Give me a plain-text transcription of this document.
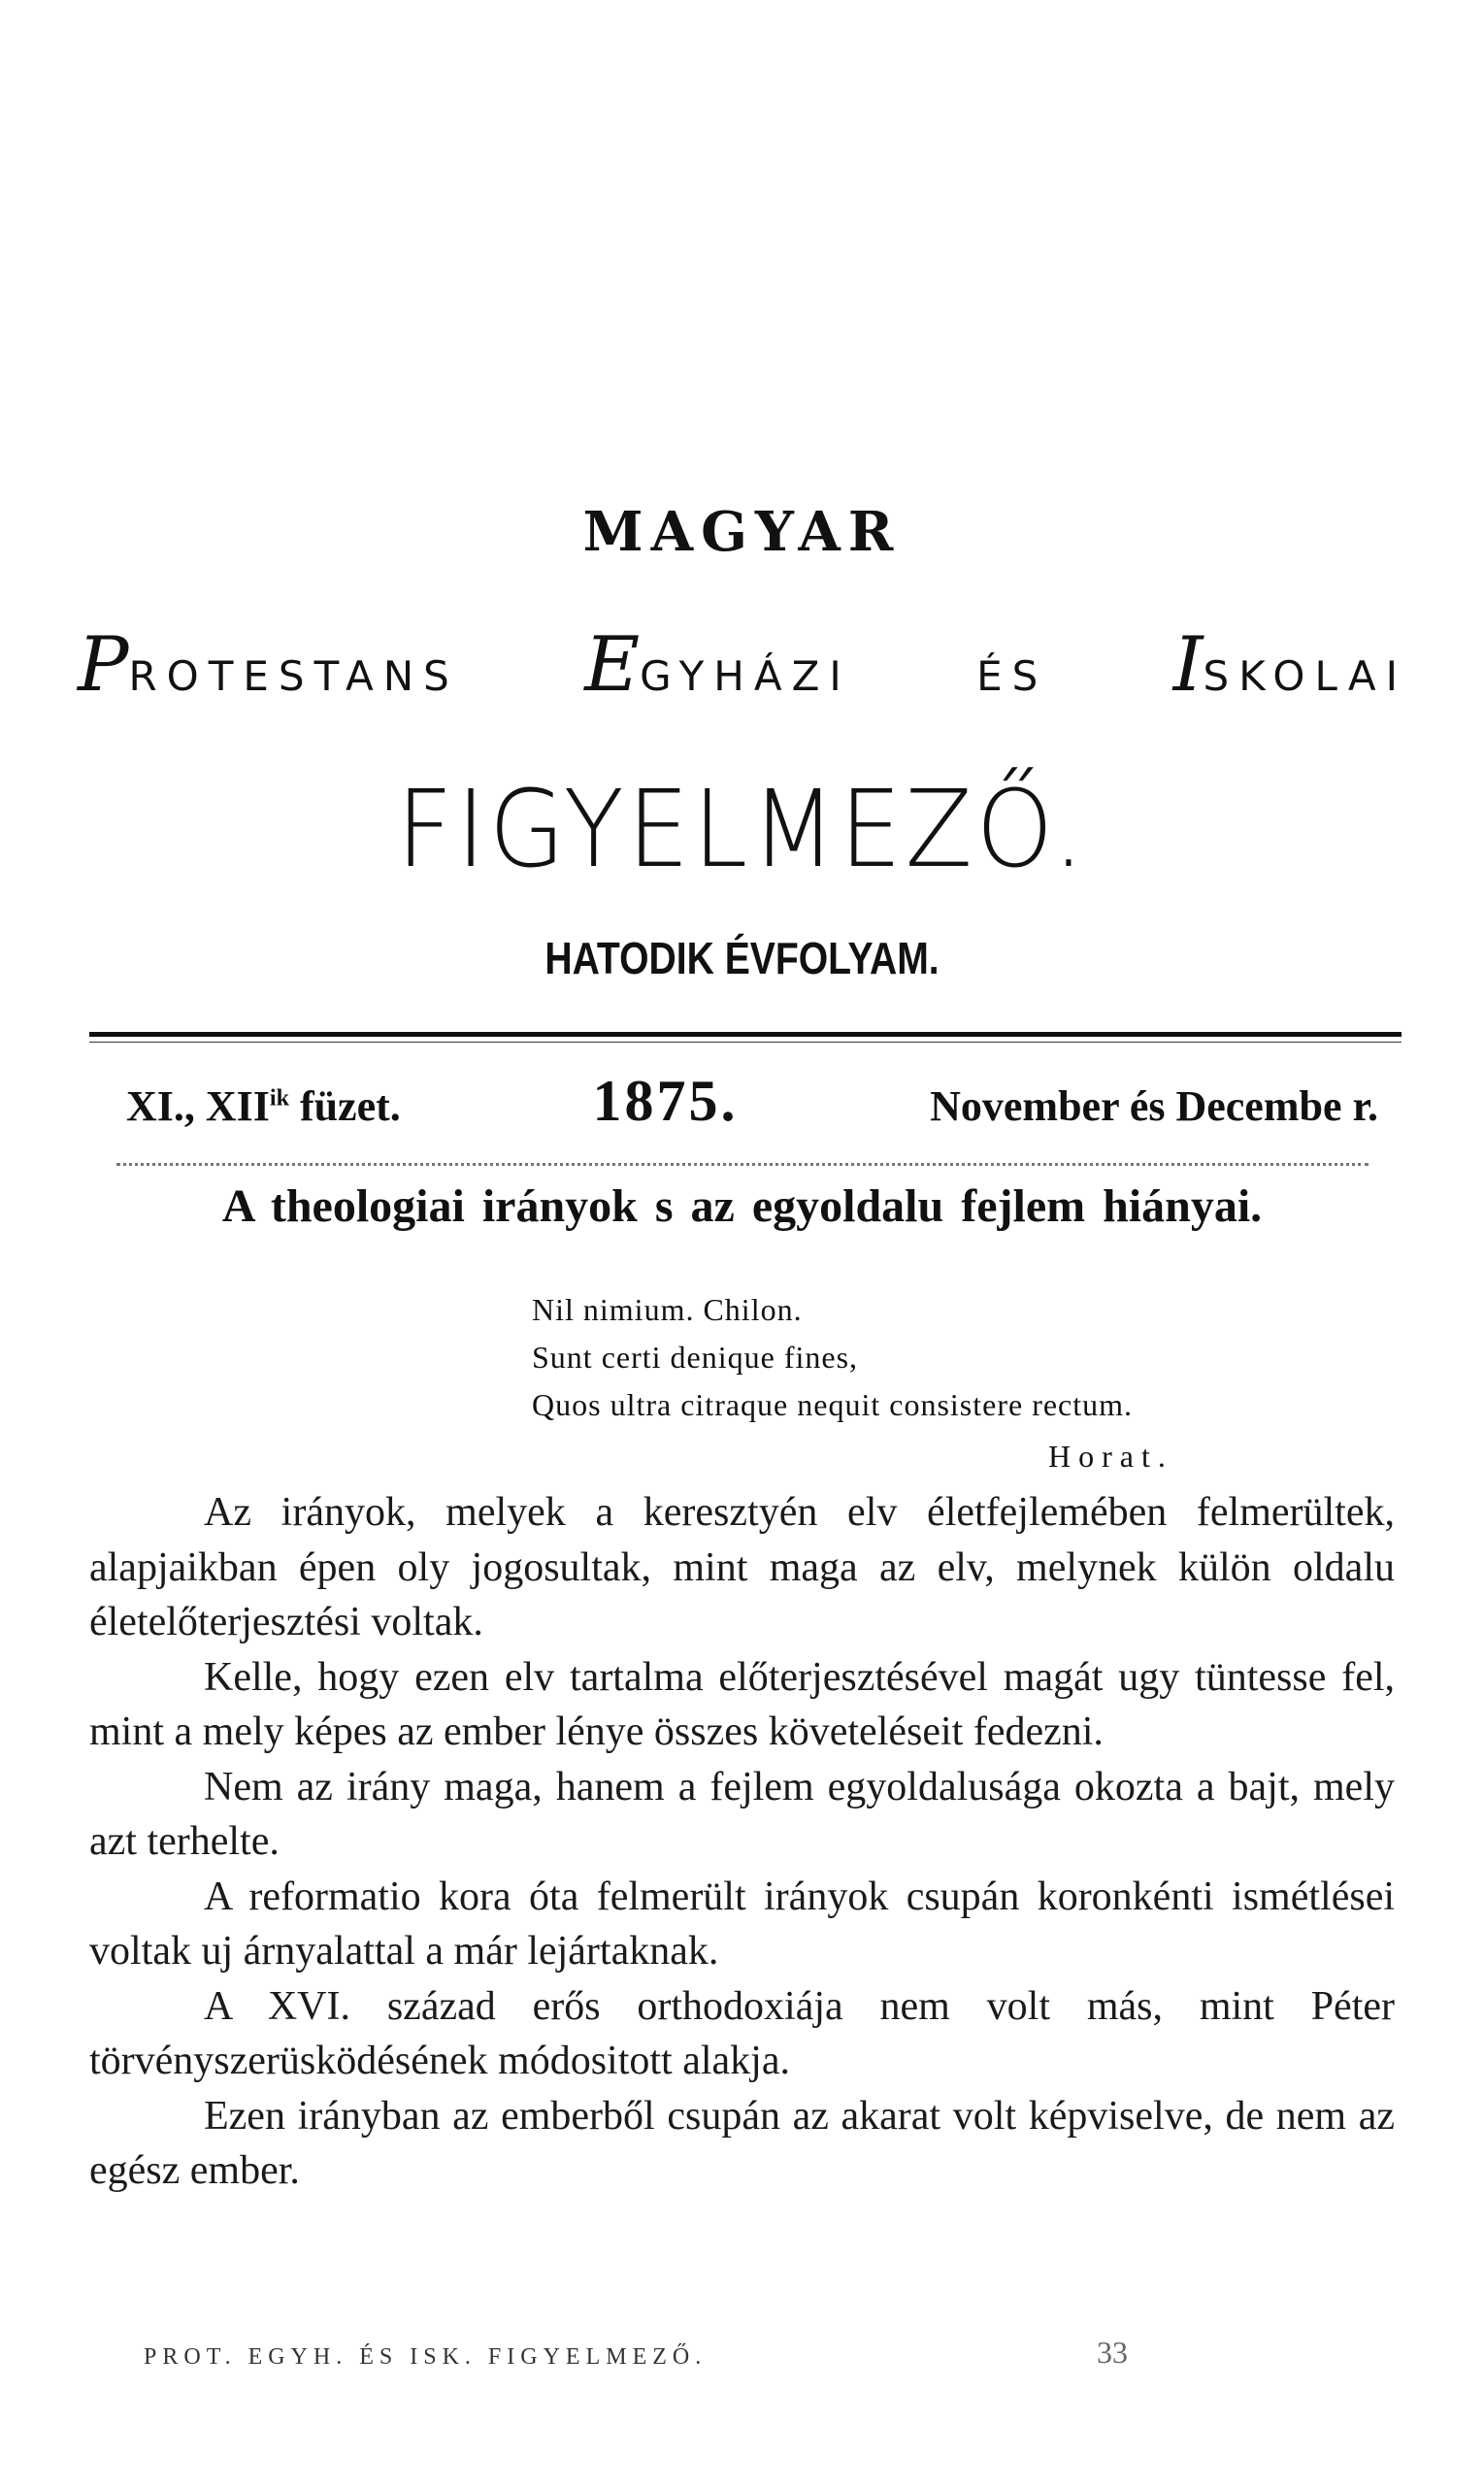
MAGYAR
PROTESTANS EGYHÁZI	ÉS ISKOLAI
FIGYELMEZŐ.
HATODIK ÉVFOLYAM.
XI., $XII^{ik}$ füzet.	1875.	November és Decembe r.
A theologiai irányok s az egyoldalu fejlem hiányai.
Nil nimium. Chilon.
Sunt certi denique fines,
Quos ultra citraque nequit consistere rectum.
Horat.

Az irányok, melyek a keresztyén elv életfejlemében felmerültek, alapjaikban épen oly jogosultak, mint maga az elv, melynek külön oldalu életelőterjesztési voltak.

Kelle, hogy ezen elv tartalma előterjesztésével magát ugy tüntesse fel, mint a mely képes az ember lénye összes követeléseit fedezni.

Nem az irány maga, hanem a fejlem egyoldalusága okozta a bajt, mely azt terhelte.

A reformatio kora óta felmerült irányok csupán koronkénti ismétlései voltak uj árnyalattal a már lejártaknak.

A XVI. század erős orthodoxiája nem volt más, mint Péter törvényszerüsködésének módositott alakja.

Ezen irányban az emberből csupán az akarat volt képviselve, de nem az egész ember.

PROT. EGYH. ÉS ISK. FIGYELMEZŐ.	33
